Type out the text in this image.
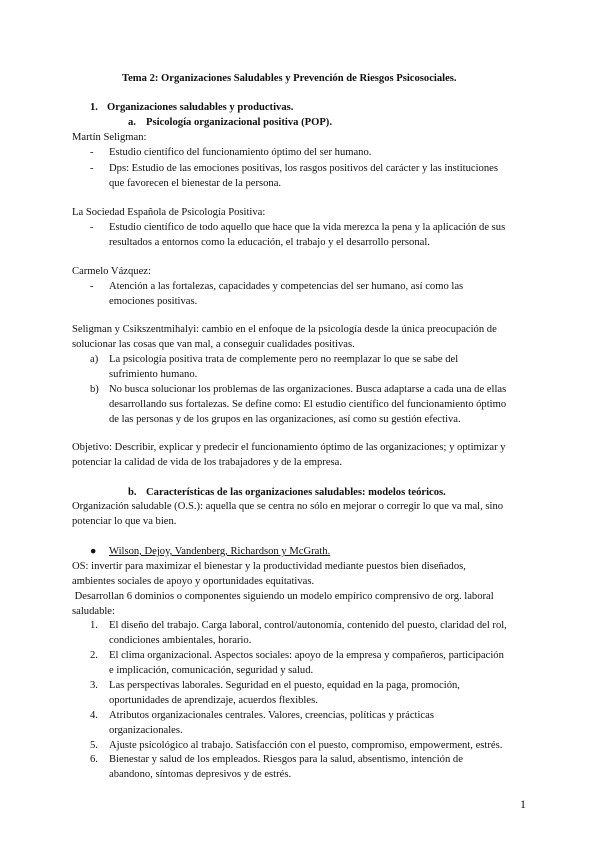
Tema 2: Organizaciones Saludables y Prevención de Riesgos Psicosociales.
1. Organizaciones saludables y productivas.
a. Psicología organizacional positiva (POP).
Martín Seligman:
- Estudio científico del funcionamiento óptimo del ser humano.
- Dps: Estudio de las emociones positivas, los rasgos positivos del carácter y las instituciones
que favorecen el bienestar de la persona.
La Sociedad Española de Psicología Positiva:
- Estudio científico de todo aquello que hace que la vida merezca la pena y la aplicación de sus
resultados a entornos como la educación, el trabajo y el desarrollo personal.
Carmelo Vázquez:
- Atención a las fortalezas, capacidades y competencias del ser humano, así como las
emociones positivas.
Seligman y Csikszentmihalyi: cambio en el enfoque de la psicología desde la única preocupación de
solucionar las cosas que van mal, a conseguir cualidades positivas.
a) La psicología positiva trata de complemente pero no reemplazar lo que se sabe del
sufrimiento humano.
b) No busca solucionar los problemas de las organizaciones. Busca adaptarse a cada una de ellas
desarrollando sus fortalezas. Se define como: El estudio científico del funcionamiento óptimo
de las personas y de los grupos en las organizaciones, así como su gestión efectiva.
Objetivo: Describir, explicar y predecir el funcionamiento óptimo de las organizaciones; y optimizar y
potenciar la calidad de vida de los trabajadores y de la empresa.
b. Características de las organizaciones saludables: modelos teóricos.
Organización saludable (O.S.): aquella que se centra no sólo en mejorar o corregir lo que va mal, sino
potenciar lo que va bien.
● Wilson, Dejoy, Vandenberg, Richardson y McGrath.
OS: invertir para maximizar el bienestar y la productividad mediante puestos bien diseñados,
ambientes sociales de apoyo y oportunidades equitativas.
Desarrollan 6 dominios o componentes siguiendo un modelo empírico comprensivo de org. laboral
saludable:
1. El diseño del trabajo. Carga laboral, control/autonomía, contenido del puesto, claridad del rol,
condiciones ambientales, horario.
2. El clima organizacional. Aspectos sociales: apoyo de la empresa y compañeros, participación
e implicación, comunicación, seguridad y salud.
3. Las perspectivas laborales. Seguridad en el puesto, equidad en la paga, promoción,
oportunidades de aprendizaje, acuerdos flexibles.
4. Atributos organizacionales centrales. Valores, creencias, políticas y prácticas
organizacionales.
5. Ajuste psicológico al trabajo. Satisfacción con el puesto, compromiso, empowerment, estrés.
6. Bienestar y salud de los empleados. Riesgos para la salud, absentismo, intención de
abandono, síntomas depresivos y de estrés.
1
